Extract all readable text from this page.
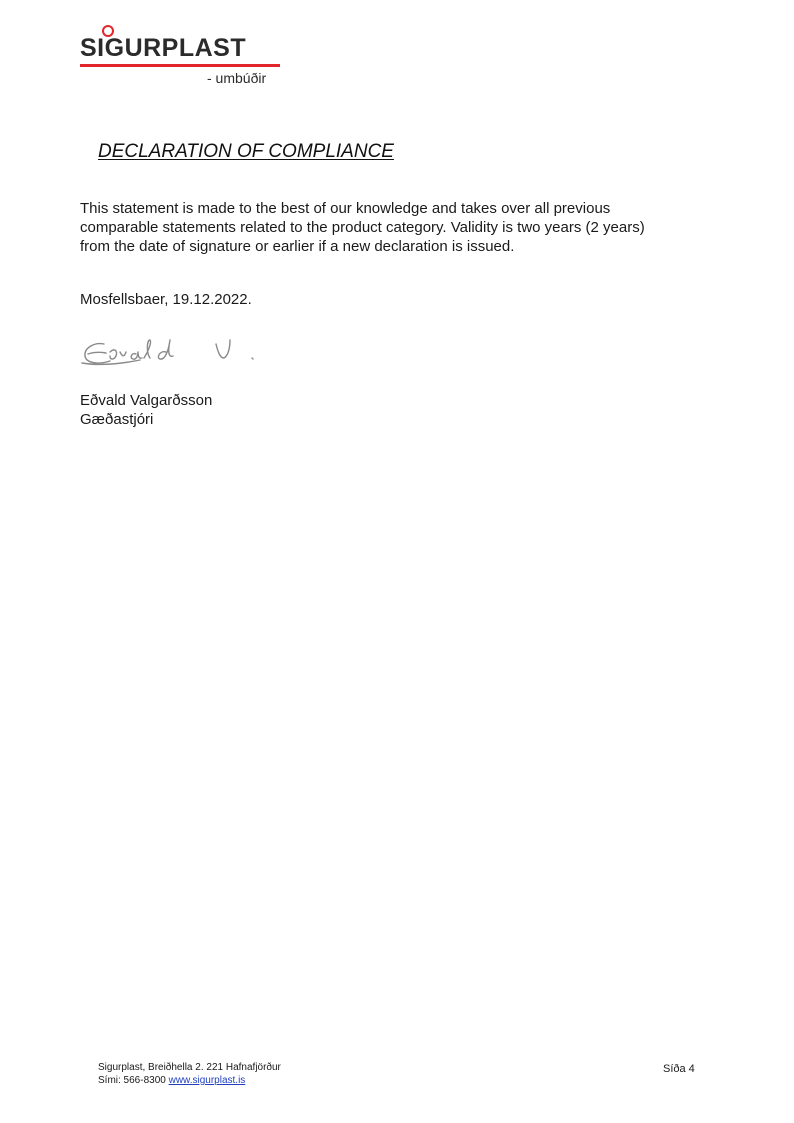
SIGURPLAST
- umbúðir
DECLARATION OF COMPLIANCE
This statement is made to the best of our knowledge and takes over all previous
comparable statements related to the product category. Validity is two years (2 years)
from the date of signature or earlier if a new declaration is issued.
Mosfellsbaer, 19.12.2022.
Eðvald Valgarðsson
Gæðastjóri
Sigurplast, Breiðhella 2. 221 Hafnafjörður
Sími: 566-8300 www.sigurplast.is
Síða 4
